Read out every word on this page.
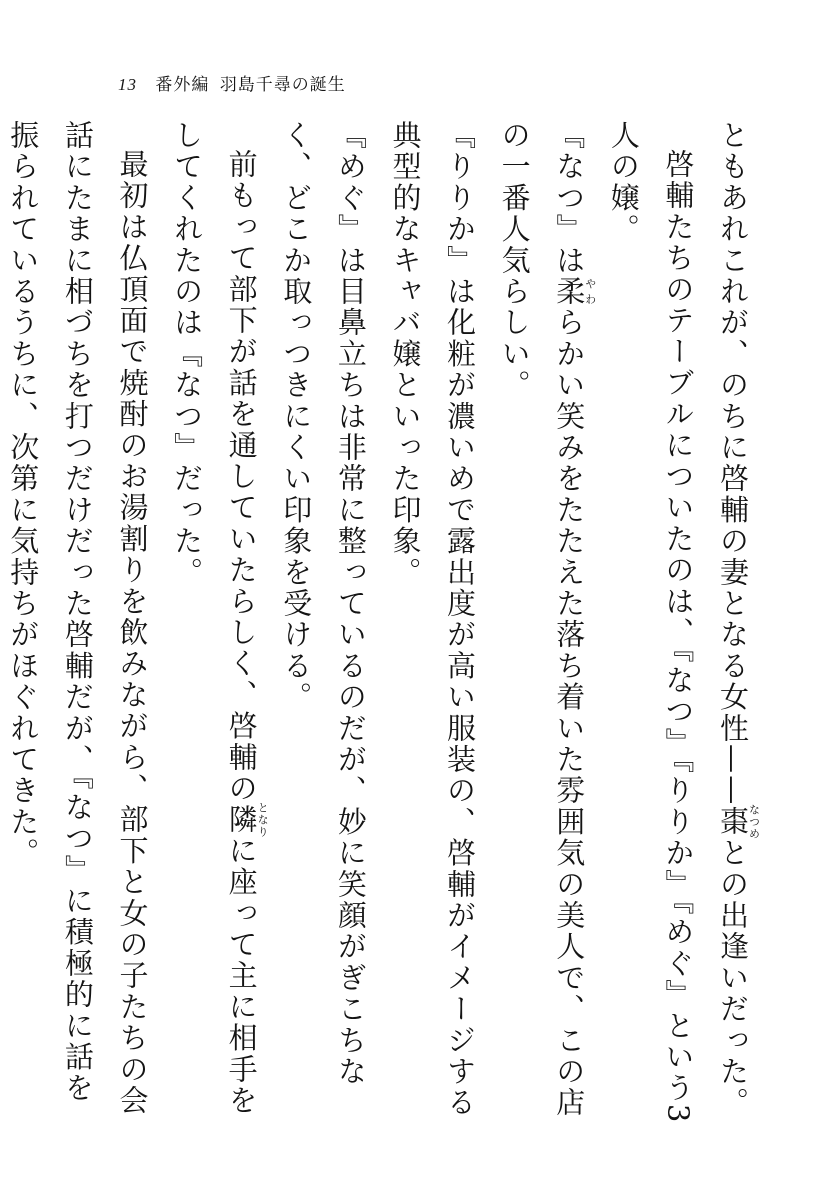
13 番外編 羽島千尋の誕生

ともあれこれが、のちに啓輔の妻となる女性——棗なつめとの出逢いだった。

啓輔たちのテーブルについたのは、『なつ』『りりか』『めぐ』という3人の嬢。

『なつ』は柔やわらかい笑みをたたえた落ち着いた雰囲気の美人で、この店の一番人気らしい。

『りりか』は化粧が濃いめで露出度が高い服装の、啓輔がイメージする典型的なキャバ嬢といった印象。

『めぐ』は目鼻立ちは非常に整っているのだが、妙に笑顔がぎこちなく、どこか取っつきにくい印象を受ける。

前もって部下が話を通していたらしく、啓輔の隣となりに座って主に相手をしてくれたのは『なつ』だった。

最初は仏頂面で焼酎のお湯割りを飲みながら、部下と女の子たちの会話にたまに相づちを打つだけだった啓輔だが、『なつ』に積極的に話を振られているうちに、次第に気持ちがほぐれてきた。
